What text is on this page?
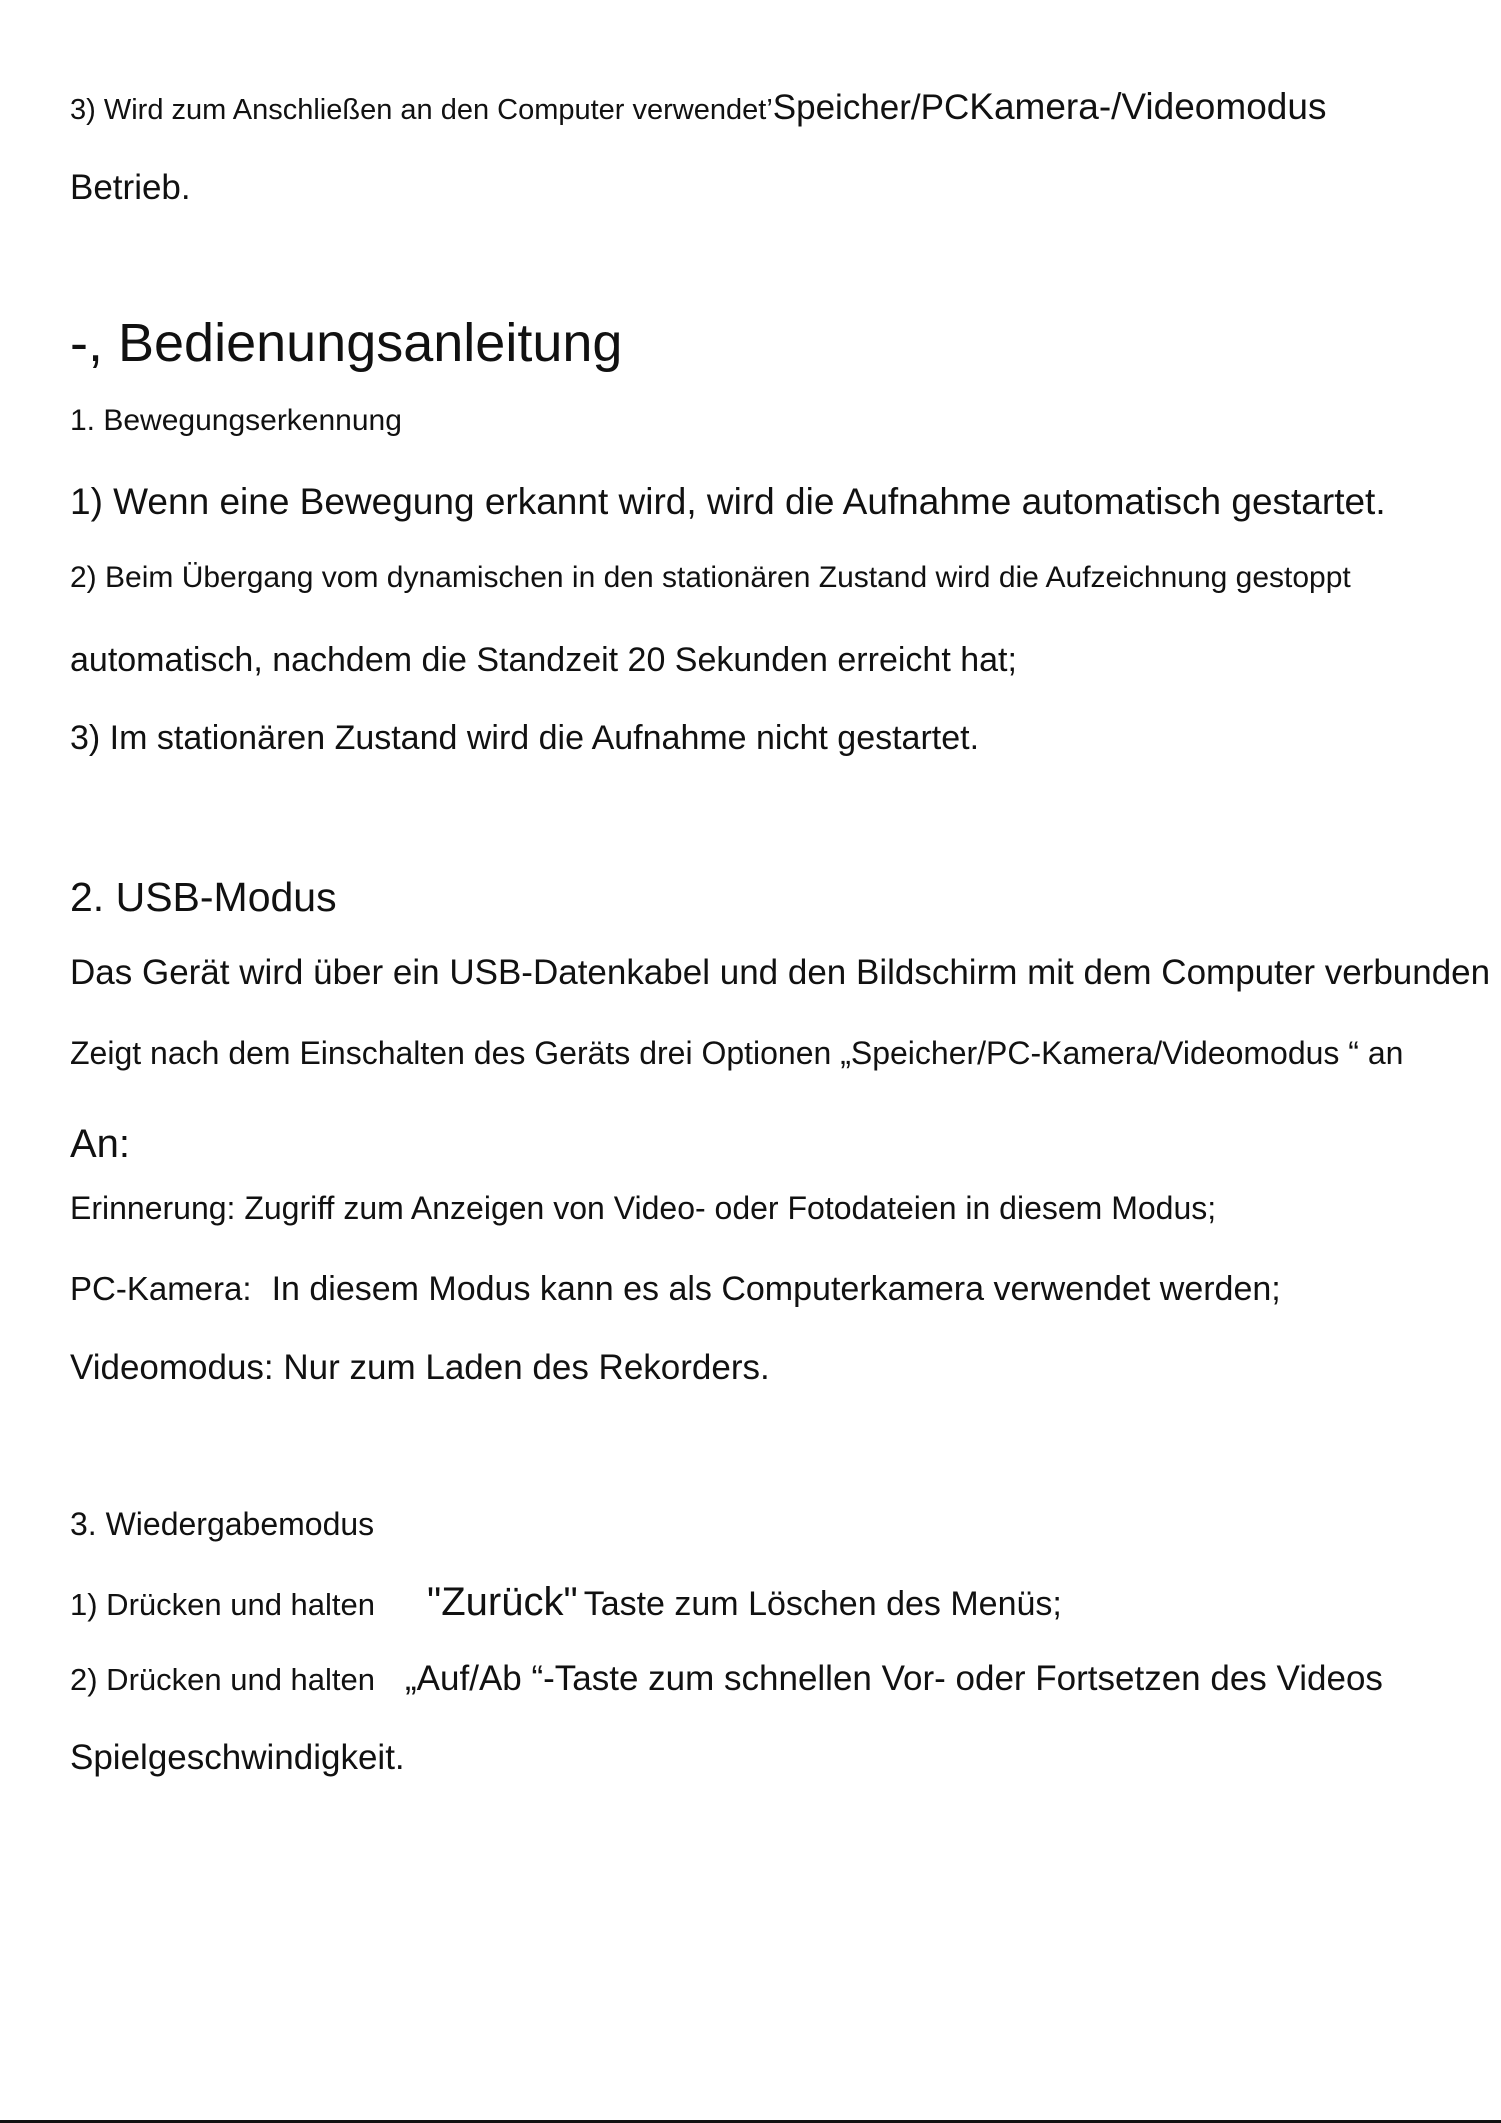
3) Wird zum Anschließen an den Computer verwendet’Speicher/PCKamera-/Videomodus
Betrieb.
-, Bedienungsanleitung
1. Bewegungserkennung
1) Wenn eine Bewegung erkannt wird, wird die Aufnahme automatisch gestartet.
2) Beim Übergang vom dynamischen in den stationären Zustand wird die Aufzeichnung gestoppt
automatisch, nachdem die Standzeit 20 Sekunden erreicht hat;
3) Im stationären Zustand wird die Aufnahme nicht gestartet.
2. USB-Modus
Das Gerät wird über ein USB-Datenkabel und den Bildschirm mit dem Computer verbunden
Zeigt nach dem Einschalten des Geräts drei Optionen „Speicher/PC-Kamera/Videomodus “ an
An:
Erinnerung: Zugriff zum Anzeigen von Video- oder Fotodateien in diesem Modus;
PC-Kamera: In diesem Modus kann es als Computerkamera verwendet werden;
Videomodus: Nur zum Laden des Rekorders.
3. Wiedergabemodus
1) Drücken und halten "Zurück" Taste zum Löschen des Menüs;
2) Drücken und halten „Auf/Ab “-Taste zum schnellen Vor- oder Fortsetzen des Videos
Spielgeschwindigkeit.
